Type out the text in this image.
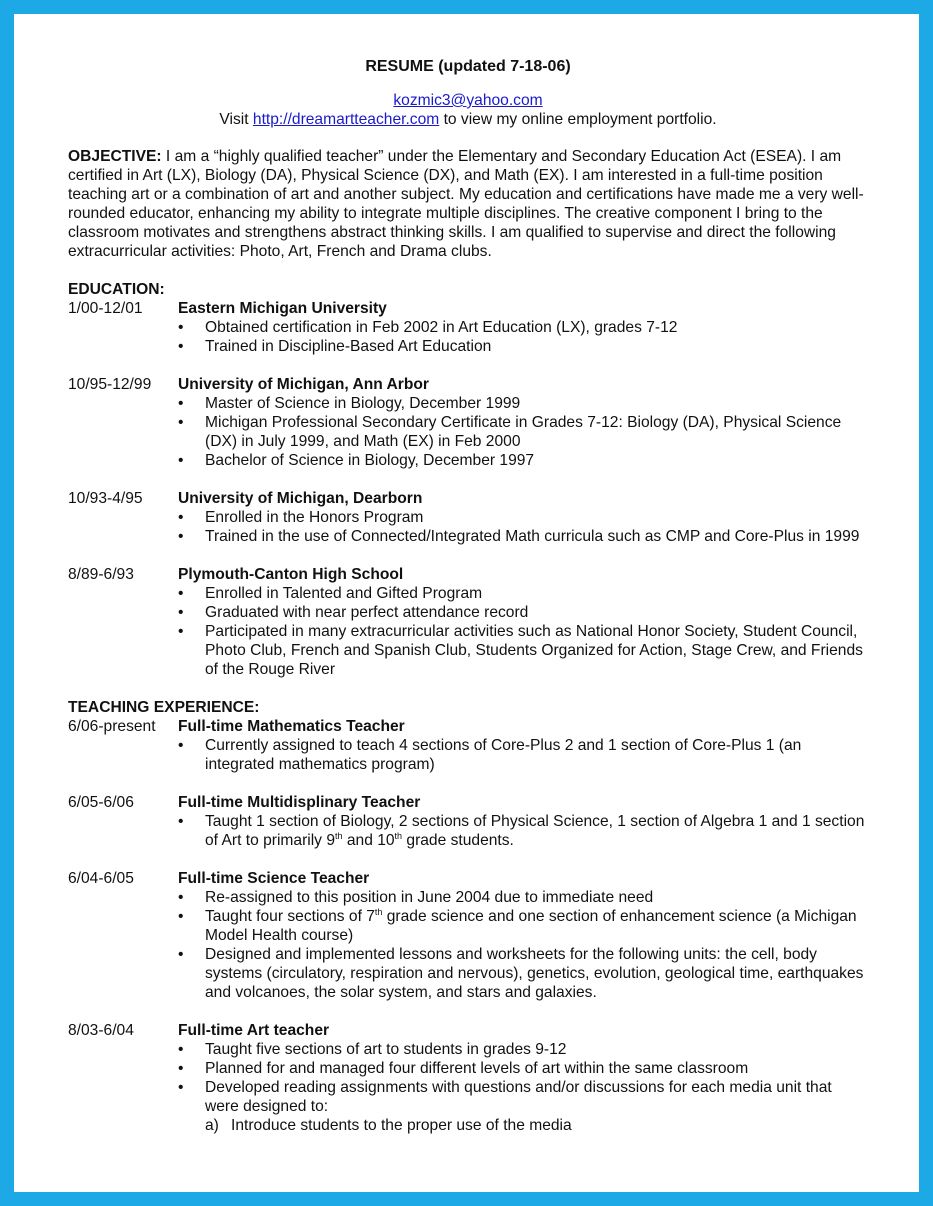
RESUME (updated 7-18-06)
kozmic3@yahoo.com
Visit http://dreamartteacher.com to view my online employment portfolio.
OBJECTIVE: I am a “highly qualified teacher” under the Elementary and Secondary Education Act (ESEA). I am certified in Art (LX), Biology (DA), Physical Science (DX), and Math (EX). I am interested in a full-time position teaching art or a combination of art and another subject. My education and certifications have made me a very well-rounded educator, enhancing my ability to integrate multiple disciplines. The creative component I bring to the classroom motivates and strengthens abstract thinking skills. I am qualified to supervise and direct the following extracurricular activities: Photo, Art, French and Drama clubs.
EDUCATION:
1/00-12/01 Eastern Michigan University
•	Obtained certification in Feb 2002 in Art Education (LX), grades 7-12
•	Trained in Discipline-Based Art Education
10/95-12/99 University of Michigan, Ann Arbor
•	Master of Science in Biology, December 1999
•	Michigan Professional Secondary Certificate in Grades 7-12: Biology (DA), Physical Science (DX) in July 1999, and Math (EX) in Feb 2000
•	Bachelor of Science in Biology, December 1997
10/93-4/95 University of Michigan, Dearborn
•	Enrolled in the Honors Program
•	Trained in the use of Connected/Integrated Math curricula such as CMP and Core-Plus in 1999
8/89-6/93	Plymouth-Canton High School
•	Enrolled in Talented and Gifted Program
•	Graduated with near perfect attendance record
•	Participated in many extracurricular activities such as National Honor Society, Student Council, Photo Club, French and Spanish Club, Students Organized for Action, Stage Crew, and Friends of the Rouge River
TEACHING EXPERIENCE:
6/06-present Full-time Mathematics Teacher
•	Currently assigned to teach 4 sections of Core-Plus 2 and 1 section of Core-Plus 1 (an integrated mathematics program)
6/05-6/06	Full-time Multidisplinary Teacher
•	Taught 1 section of Biology, 2 sections of Physical Science, 1 section of Algebra 1 and 1 section of Art to primarily 9th and 10th grade students.
6/04-6/05	Full-time Science Teacher
•	Re-assigned to this position in June 2004 due to immediate need
•	Taught four sections of 7th grade science and one section of enhancement science (a Michigan Model Health course)
•	Designed and implemented lessons and worksheets for the following units: the cell, body systems (circulatory, respiration and nervous), genetics, evolution, geological time, earthquakes and volcanoes, the solar system, and stars and galaxies.
8/03-6/04	Full-time Art teacher
•	Taught five sections of art to students in grades 9-12
•	Planned for and managed four different levels of art within the same classroom
•	Developed reading assignments with questions and/or discussions for each media unit that were designed to:
a) Introduce students to the proper use of the media
